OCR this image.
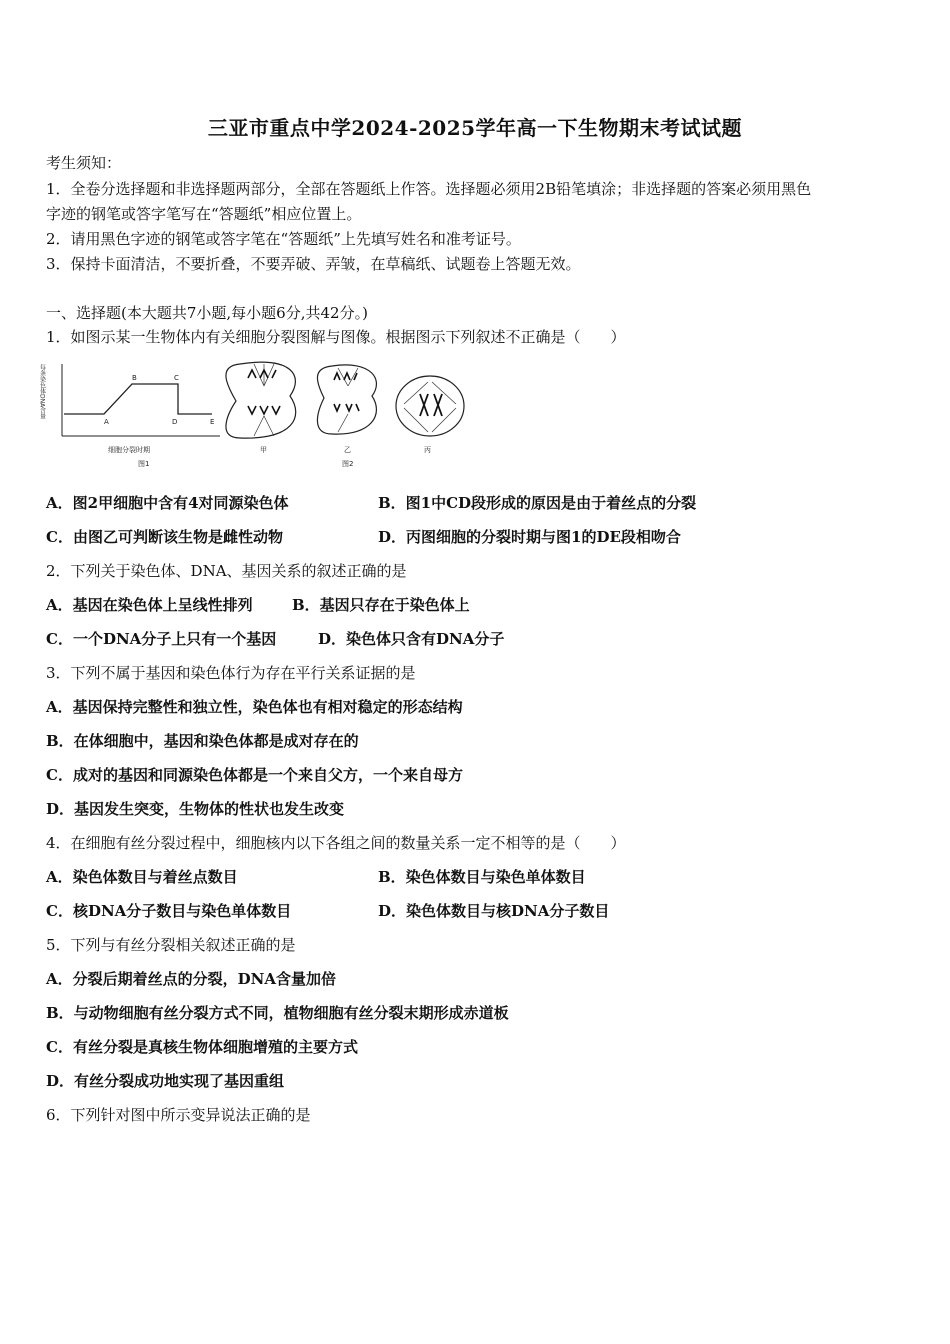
三亚市重点中学2024-2025学年高一下生物期末考试试题
考生须知：
1．全卷分选择题和非选择题两部分，全部在答题纸上作答。选择题必须用2B铅笔填涂；非选择题的答案必须用黑色
字迹的钢笔或答字笔写在“答题纸”相应位置上。
2．请用黑色字迹的钢笔或答字笔在“答题纸”上先填写姓名和准考证号。
3．保持卡面清洁，不要折叠，不要弄破、弄皱，在草稿纸、试题卷上答题无效。
一、选择题(本大题共7小题,每小题6分,共42分。)
1．如图示某一生物体内有关细胞分裂图解与图像。根据图示下列叙述不正确是（　　）
A
B	C
D	E
每条染色体DNA含量
细胞分裂时期
图1
甲	乙
图2
丙
A．图2甲细胞中含有4对同源染色体	B．图1中CD段形成的原因是由于着丝点的分裂
C．由图乙可判断该生物是雌性动物	D．丙图细胞的分裂时期与图1的DE段相吻合
2．下列关于染色体、DNA、基因关系的叙述正确的是
A．基因在染色体上呈线性排列	B．基因只存在于染色体上
C．一个DNA分子上只有一个基因	D．染色体只含有DNA分子
3．下列不属于基因和染色体行为存在平行关系证据的是
A．基因保持完整性和独立性，染色体也有相对稳定的形态结构
B．在体细胞中，基因和染色体都是成对存在的
C．成对的基因和同源染色体都是一个来自父方，一个来自母方
D．基因发生突变，生物体的性状也发生改变
4．在细胞有丝分裂过程中，细胞核内以下各组之间的数量关系一定不相等的是（　　）
A．染色体数目与着丝点数目	B．染色体数目与染色单体数目
C．核DNA分子数目与染色单体数目	D．染色体数目与核DNA分子数目
5．下列与有丝分裂相关叙述正确的是
A．分裂后期着丝点的分裂，DNA含量加倍
B．与动物细胞有丝分裂方式不同，植物细胞有丝分裂末期形成赤道板
C．有丝分裂是真核生物体细胞增殖的主要方式
D．有丝分裂成功地实现了基因重组
6．下列针对图中所示变异说法正确的是
